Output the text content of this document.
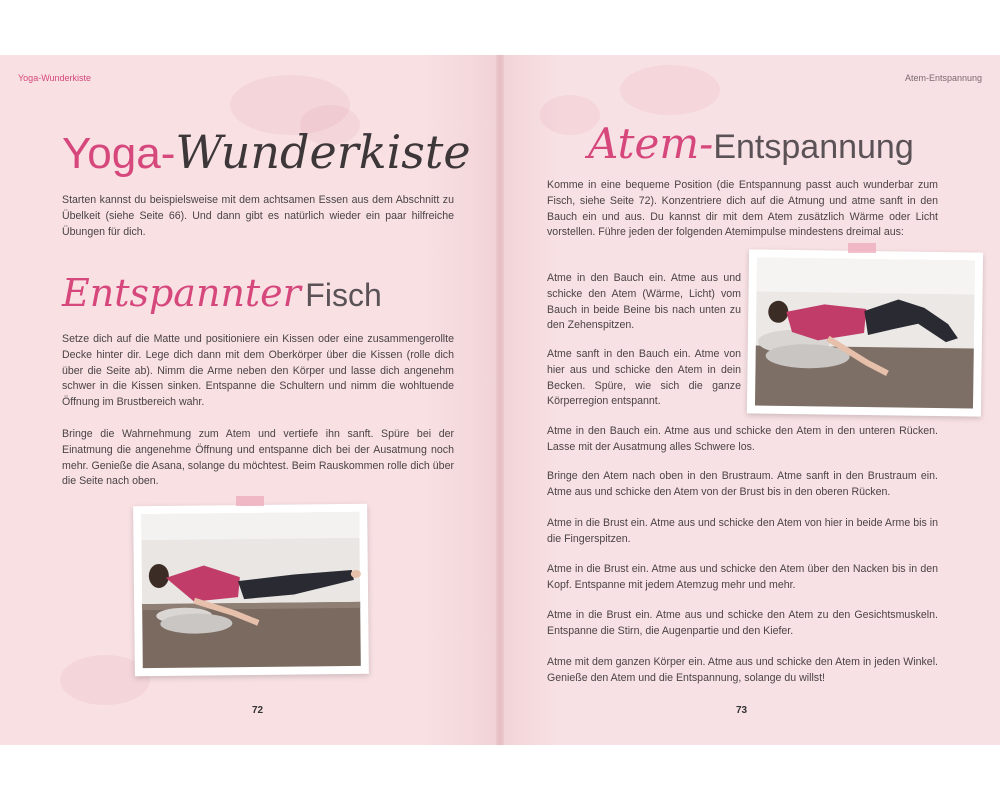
Yoga-Wunderkiste
Yoga-Wunderkiste

Starten kannst du beispielsweise mit dem achtsamen Essen aus dem Abschnitt zu Übelkeit (siehe Seite 66). Und dann gibt es natürlich wieder ein paar hilfreiche Übungen für dich.

Entspannter Fisch

Setze dich auf die Matte und positioniere ein Kissen oder eine zusammengerollte Decke hinter dir. Lege dich dann mit dem Oberkörper über die Kissen (rolle dich über die Seite ab). Nimm die Arme neben den Körper und lasse dich angenehm schwer in die Kissen sinken. Entspanne die Schultern und nimm die wohltuende Öffnung im Brustbereich wahr.

Bringe die Wahrnehmung zum Atem und vertiefe ihn sanft. Spüre bei der Einatmung die angenehme Öffnung und entspanne dich bei der Ausatmung noch mehr. Genieße die Asana, solange du möchtest. Beim Rauskommen rolle dich über die Seite nach oben.

72
Atem-Entspannung
Atem-Entspannung

Komme in eine bequeme Position (die Entspannung passt auch wunderbar zum Fisch, siehe Seite 72). Konzentriere dich auf die Atmung und atme sanft in den Bauch ein und aus. Du kannst dir mit dem Atem zusätzlich Wärme oder Licht vorstellen. Führe jeden der folgenden Atemimpulse mindestens dreimal aus:

Atme in den Bauch ein. Atme aus und schicke den Atem (Wärme, Licht) vom Bauch in beide Beine bis nach unten zu den Zehenspitzen.

Atme sanft in den Bauch ein. Atme von hier aus und schicke den Atem in dein Becken. Spüre, wie sich die ganze Körperregion entspannt.

Atme in den Bauch ein. Atme aus und schicke den Atem in den unteren Rücken. Lasse mit der Ausatmung alles Schwere los.

Bringe den Atem nach oben in den Brustraum. Atme sanft in den Brustraum ein. Atme aus und schicke den Atem von der Brust bis in den oberen Rücken.

Atme in die Brust ein. Atme aus und schicke den Atem von hier in beide Arme bis in die Fingerspitzen.

Atme in die Brust ein. Atme aus und schicke den Atem über den Nacken bis in den Kopf. Entspanne mit jedem Atemzug mehr und mehr.

Atme in die Brust ein. Atme aus und schicke den Atem zu den Gesichtsmuskeln. Entspanne die Stirn, die Augenpartie und den Kiefer.

Atme mit dem ganzen Körper ein. Atme aus und schicke den Atem in jeden Winkel. Genieße den Atem und die Entspannung, solange du willst!

73
